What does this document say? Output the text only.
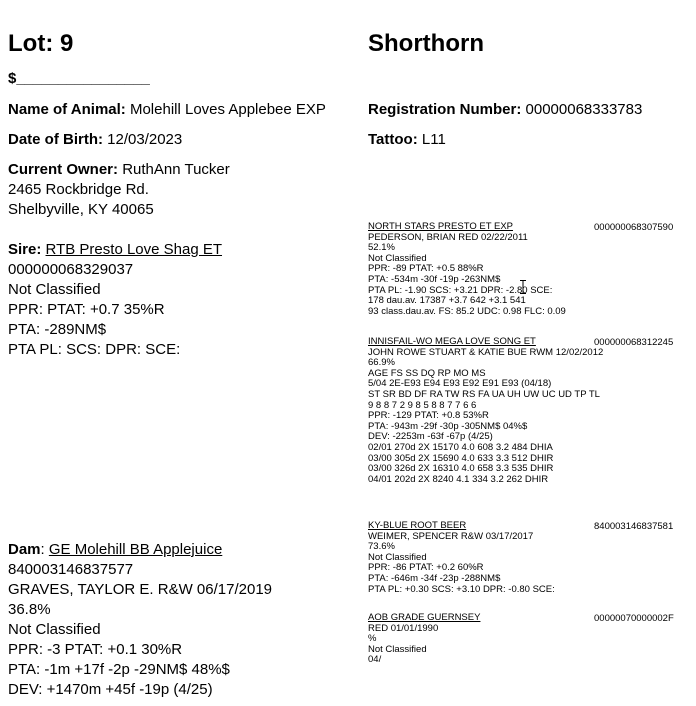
Lot: 9	Shorthorn
$________________
Name of Animal: Molehill Loves Applebee EXP
Date of Birth: 12/03/2023
Current Owner: RuthAnn Tucker
2465 Rockbridge Rd.
Shelbyville, KY 40065
Registration Number: 00000068333783
Tattoo: L11
Sire: RTB Presto Love Shag ET
000000068329037
Not Classified
PPR: PTAT: +0.7 35%R
PTA: -289NM$
PTA PL: SCS: DPR: SCE:
Dam: GE Molehill BB Applejuice
840003146837577
GRAVES, TAYLOR E. R&W 06/17/2019
36.8%
Not Classified
PPR: -3 PTAT: +0.1 30%R
PTA: -1m +17f -2p -29NM$ 48%$
DEV: +1470m +45f -19p (4/25)
NORTH STARS PRESTO ET EXP
PEDERSON, BRIAN RED 02/22/2011
52.1%
Not Classified
PPR: -89 PTAT: +0.5 88%R
PTA: -534m -30f -19p -263NM$
PTA PL: -1.90 SCS: +3.21 DPR: -2.80 SCE:
178 dau.av. 17387 +3.7 642 +3.1 541
93 class.dau.av. FS: 85.2 UDC: 0.98 FLC: 0.09
000000068307590
INNISFAIL-WO MEGA LOVE SONG ET
JOHN ROWE STUART & KATIE BUE RWM 12/02/2012
66.9%
AGE FS SS DQ RP MO MS
5/04 2E-E93 E94 E93 E92 E91 E93 (04/18)
ST SR BD DF RA TW RS FA UA UH UW UC UD TP TL
9 8 8 7 2 9 8 5 8 8 7 7 6 6
PPR: -129 PTAT: +0.8 53%R
PTA: -943m -29f -30p -305NM$ 04%$
DEV: -2253m -63f -67p (4/25)
02/01 270d 2X 15170 4.0 608 3.2 484 DHIA
03/00 305d 2X 15690 4.0 633 3.3 512 DHIR
03/00 326d 2X 16310 4.0 658 3.3 535 DHIR
04/01 202d 2X 8240 4.1 334 3.2 262 DHIR
000000068312245
KY-BLUE ROOT BEER
WEIMER, SPENCER R&W 03/17/2017
73.6%
Not Classified
PPR: -86 PTAT: +0.2 60%R
PTA: -646m -34f -23p -288NM$
PTA PL: +0.30 SCS: +3.10 DPR: -0.80 SCE:
840003146837581
AOB GRADE GUERNSEY
RED 01/01/1990
%
Not Classified
04/
00000070000002F
